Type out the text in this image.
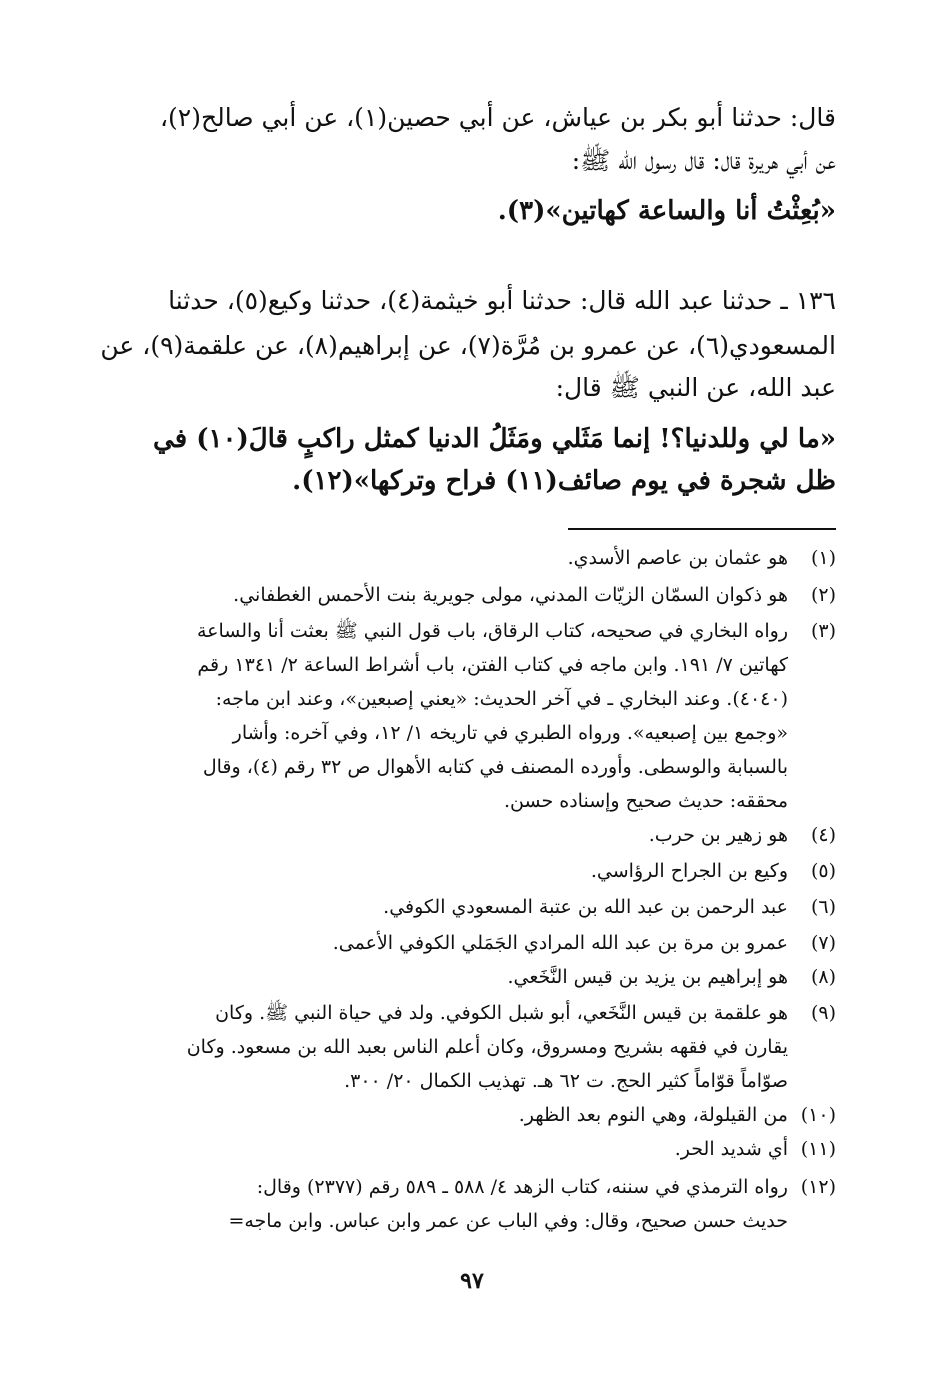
قال: حدثنا أبو بكر بن عياش، عن أبي حصين(١)، عن أبي صالح(٢)،
عن أبي هريرة قال: قال رسول الله ﷺ:
«بُعِثْتُ أنا والساعة كهاتين»(٣).
١٣٦ ـ حدثنا عبد الله قال: حدثنا أبو خيثمة(٤)، حدثنا وكيع(٥)، حدثنا
المسعودي(٦)، عن عمرو بن مُرَّة(٧)، عن إبراهيم(٨)، عن علقمة(٩)، عن
عبد الله، عن النبي ﷺ قال:
«ما لي وللدنيا؟! إنما مَثَلي ومَثَلُ الدنيا كمثل راكبٍ قالَ(١٠) في
ظل شجرة في يوم صائف(١١) فراح وتركها»(١٢).
(١)هو عثمان بن عاصم الأسدي.
(٢)هو ذكوان السمّان الزيّات المدني، مولى جويرية بنت الأحمس الغطفاني.
(٣)رواه البخاري في صحيحه، كتاب الرقاق، باب قول النبي ﷺ بعثت أنا والساعة
كهاتين ٧/ ١٩١. وابن ماجه في كتاب الفتن، باب أشراط الساعة ٢/ ١٣٤١ رقم
(٤٠٤٠). وعند البخاري ـ في آخر الحديث: «يعني إصبعين»، وعند ابن ماجه:
«وجمع بين إصبعيه». ورواه الطبري في تاريخه ١/ ١٢، وفي آخره: وأشار
بالسبابة والوسطى. وأورده المصنف في كتابه الأهوال ص ٣٢ رقم (٤)، وقال
محققه: حديث صحيح وإسناده حسن.
(٤)هو زهير بن حرب.
(٥)وكيع بن الجراح الرؤاسي.
(٦)عبد الرحمن بن عبد الله بن عتبة المسعودي الكوفي.
(٧)عمرو بن مرة بن عبد الله المرادي الجَمَلي الكوفي الأعمى.
(٨)هو إبراهيم بن يزيد بن قيس النَّخَعي.
(٩)هو علقمة بن قيس النَّخَعي، أبو شبل الكوفي. ولد في حياة النبي ﷺ. وكان
يقارن في فقهه بشريح ومسروق، وكان أعلم الناس بعبد الله بن مسعود. وكان
صوّاماً قوّاماً كثير الحج. ت ٦٢ هـ. تهذيب الكمال ٢٠/ ٣٠٠.
(١٠)من القيلولة، وهي النوم بعد الظهر.
(١١)أي شديد الحر.
(١٢)رواه الترمذي في سننه، كتاب الزهد ٤/ ٥٨٨ ـ ٥٨٩ رقم (٢٣٧٧) وقال:
حديث حسن صحيح، وقال: وفي الباب عن عمر وابن عباس. وابن ماجه=
٩٧
